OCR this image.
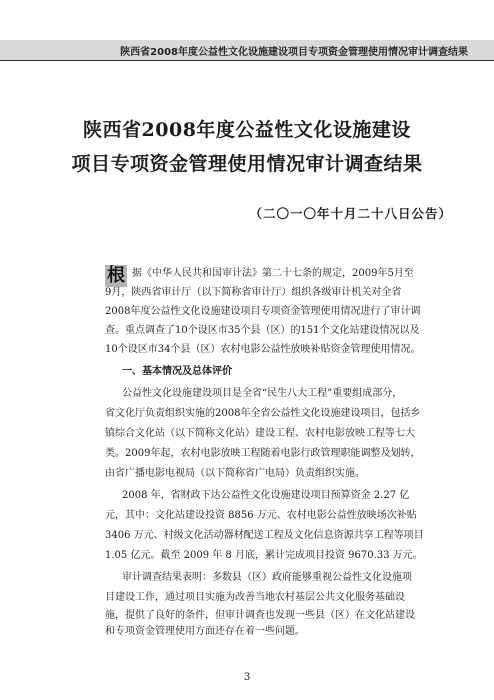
陕西省2008年度公益性文化设施建设项目专项资金管理使用情况审计调查结果
陕西省2008年度公益性文化设施建设
项目专项资金管理使用情况审计调查结果
（二〇一〇年十月二十八日公告）
根 据《中华人民共和国审计法》第二十七条的规定，2009年5月至
9月，陕西省审计厅（以下简称省审计厅）组织各级审计机关对全省
2008年度公益性文化设施建设项目专项资金管理使用情况进行了审计调
查。重点调查了10个设区市35个县（区）的151个文化站建设情况以及
10个设区市34个县（区）农村电影公益性放映补贴资金管理使用情况。
一、基本情况及总体评价
公益性文化设施建设项目是全省“民生八大工程”重要组成部分，
省文化厅负责组织实施的2008年全省公益性文化设施建设项目，包括乡
镇综合文化站（以下简称文化站）建设工程、农村电影放映工程等七大
类。2009年起，农村电影放映工程随着电影行政管理职能调整及划转，
由省广播电影电视局（以下简称省广电局）负责组织实施。
2008 年，省财政下达公益性文化设施建设项目预算资金 2.27 亿
元，其中：文化站建设投资 8856 万元、农村电影公益性放映场次补贴
3406 万元、村级文化活动器材配送工程及文化信息资源共享工程等项目
1.05 亿元。截至 2009 年 8 月底，累计完成项目投资 9670.33 万元。
审计调查结果表明：多数县（区）政府能够重视公益性文化设施项
目建设工作，通过项目实施为改善当地农村基层公共文化服务基础设
施，提供了良好的条件，但审计调查也发现一些县（区）在文化站建设
和专项资金管理使用方面还存在着一些问题。
3
